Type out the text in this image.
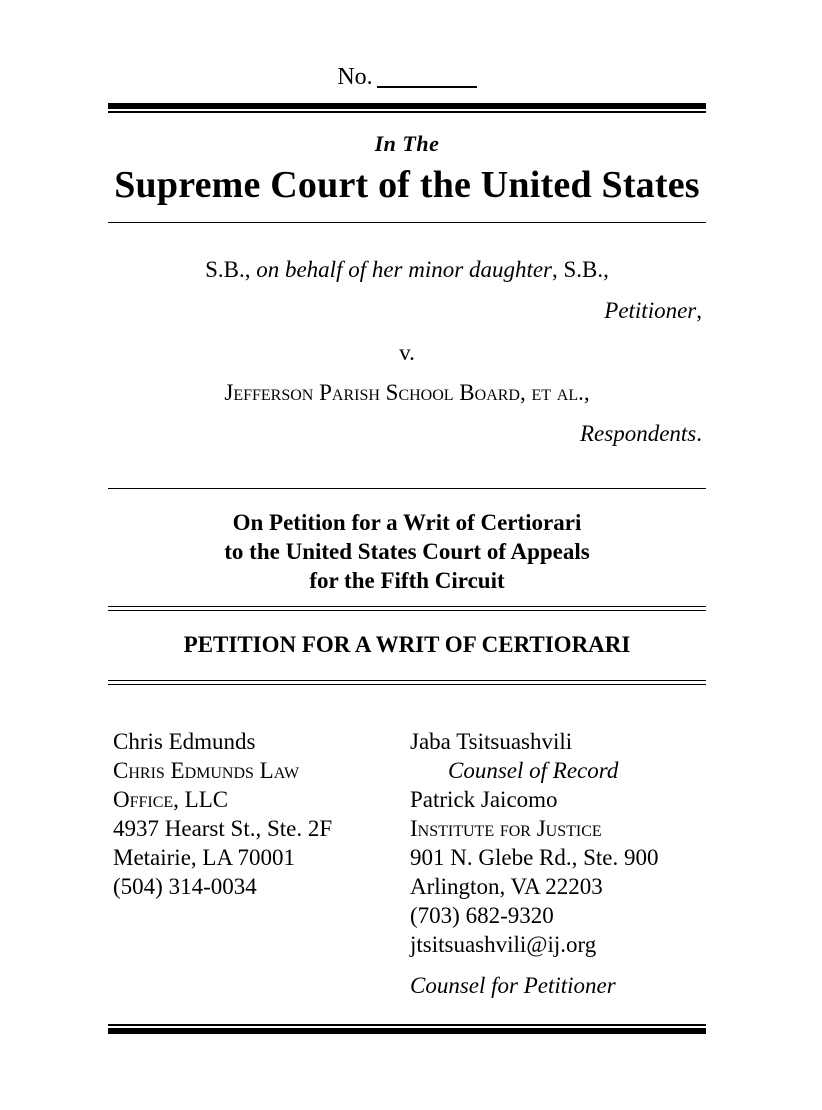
No.
In The
Supreme Court of the United States
S.B., on behalf of her minor daughter, S.B.,
Petitioner,
v.
Jefferson Parish School Board, et al.,
Respondents.
On Petition for a Writ of Certiorari
to the United States Court of Appeals
for the Fifth Circuit
PETITION FOR A WRIT OF CERTIORARI
Chris Edmunds
Chris Edmunds Law
Office, LLC
4937 Hearst St., Ste. 2F
Metairie, LA 70001
(504) 314-0034
Jaba Tsitsuashvili
Counsel of Record
Patrick Jaicomo
Institute for Justice
901 N. Glebe Rd., Ste. 900
Arlington, VA 22203
(703) 682-9320
jtsitsuashvili@ij.org
Counsel for Petitioner
